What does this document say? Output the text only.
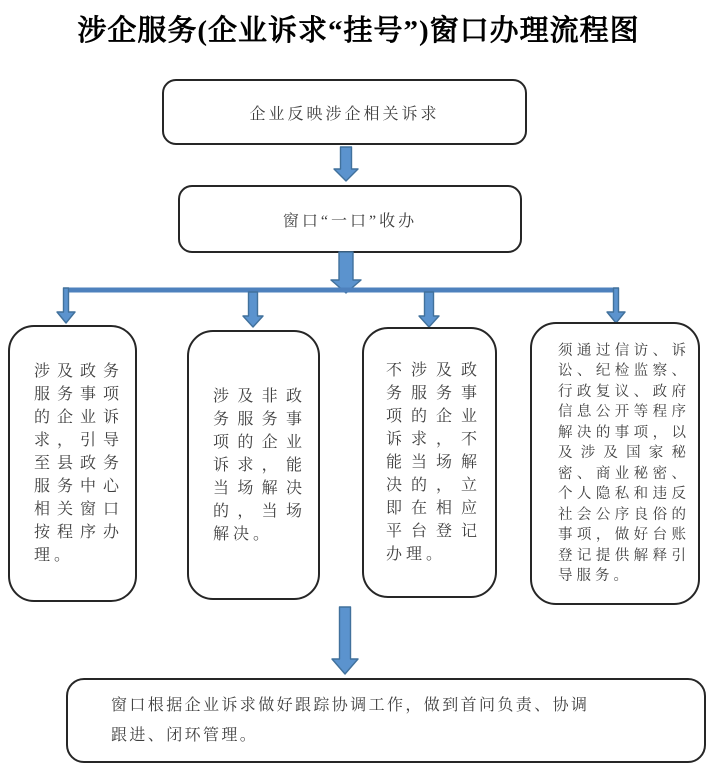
涉企服务(企业诉求“挂号”)窗口办理流程图

企业反映涉企相关诉求

窗口“一口”收办

涉及政务服务事项的企业诉求，引导至县政务服务中心相关窗口按程序办理。

涉及非政务服务事项的企业诉求，能当场解决的，当场解决。

不涉及政务服务事项的企业诉求，不能当场解决的，立即在相应平台登记办理。

须通过信访、诉讼、纪检监察、行政复议、政府信息公开等程序解决的事项，以及涉及国家秘密、商业秘密、个人隐私和违反社会公序良俗的事项，做好台账登记提供解释引导服务。

窗口根据企业诉求做好跟踪协调工作，做到首问负责、协调跟进、闭环管理。
